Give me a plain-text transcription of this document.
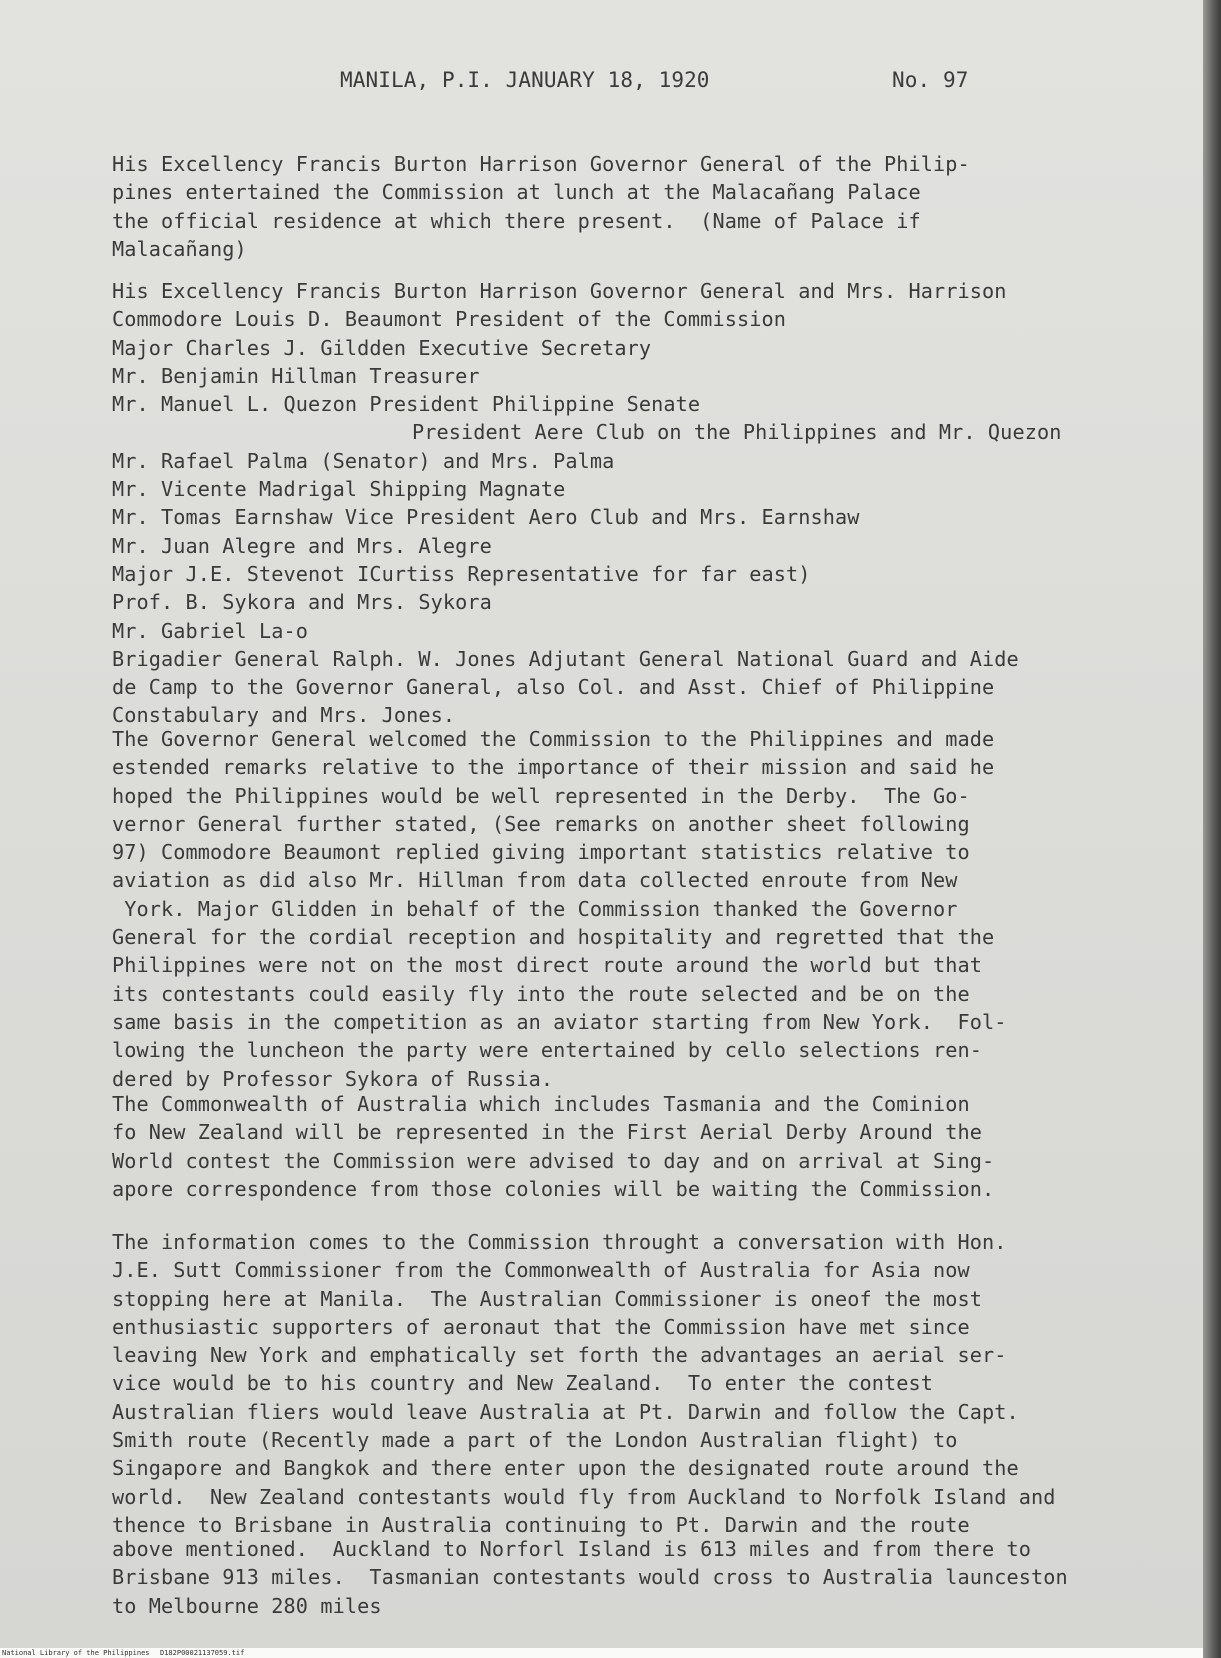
MANILA, P.I. JANUARY 18, 1920	No. 97

His Excellency Francis Burton Harrison Governor General of the Philip-
pines entertained the Commission at lunch at the Malacañang Palace
the official residence at which there present.  (Name of Palace if
Malacañang)

His Excellency Francis Burton Harrison Governor General and Mrs. Harrison
Commodore Louis D. Beaumont President of the Commission
Major Charles J. Gildden Executive Secretary
Mr. Benjamin Hillman Treasurer
Mr. Manuel L. Quezon President Philippine Senate
President Aere Club on the Philippines and Mr. Quezon
Mr. Rafael Palma (Senator) and Mrs. Palma
Mr. Vicente Madrigal Shipping Magnate
Mr. Tomas Earnshaw Vice President Aero Club and Mrs. Earnshaw
Mr. Juan Alegre and Mrs. Alegre
Major J.E. Stevenot ICurtiss Representative for far east)
Prof. B. Sykora and Mrs. Sykora
Mr. Gabriel La-o
Brigadier General Ralph. W. Jones Adjutant General National Guard and Aide
de Camp to the Governor Ganeral, also Col. and Asst. Chief of Philippine
Constabulary and Mrs. Jones.

The Governor General welcomed the Commission to the Philippines and made
estended remarks relative to the importance of their mission and said he
hoped the Philippines would be well represented in the Derby.  The Go-
vernor General further stated, (See remarks on another sheet following
97) Commodore Beaumont replied giving important statistics relative to
aviation as did also Mr. Hillman from data collected enroute from New
York. Major Glidden in behalf of the Commission thanked the Governor
General for the cordial reception and hospitality and regretted that the
Philippines were not on the most direct route around the world but that
its contestants could easily fly into the route selected and be on the
same basis in the competition as an aviator starting from New York.  Fol-
lowing the luncheon the party were entertained by cello selections ren-
dered by Professor Sykora of Russia.

The Commonwealth of Australia which includes Tasmania and the Cominion
fo New Zealand will be represented in the First Aerial Derby Around the
World contest the Commission were advised to day and on arrival at Sing-
apore correspondence from those colonies will be waiting the Commission.

The information comes to the Commission throught a conversation with Hon.
J.E. Sutt Commissioner from the Commonwealth of Australia for Asia now
stopping here at Manila.  The Australian Commissioner is oneof the most
enthusiastic supporters of aeronaut that the Commission have met since
leaving New York and emphatically set forth the advantages an aerial ser-
vice would be to his country and New Zealand.  To enter the contest
Australian fliers would leave Australia at Pt. Darwin and follow the Capt.
Smith route (Recently made a part of the London Australian flight) to
Singapore and Bangkok and there enter upon the designated route around the
world.  New Zealand contestants would fly from Auckland to Norfolk Island and
thence to Brisbane in Australia continuing to Pt. Darwin and the route

above mentioned.  Auckland to Norforl Island is 613 miles and from there to
Brisbane 913 miles.  Tasmanian contestants would cross to Australia launceston
to Melbourne 280 miles

National Library of the Philippines D182P00021137059.tif
